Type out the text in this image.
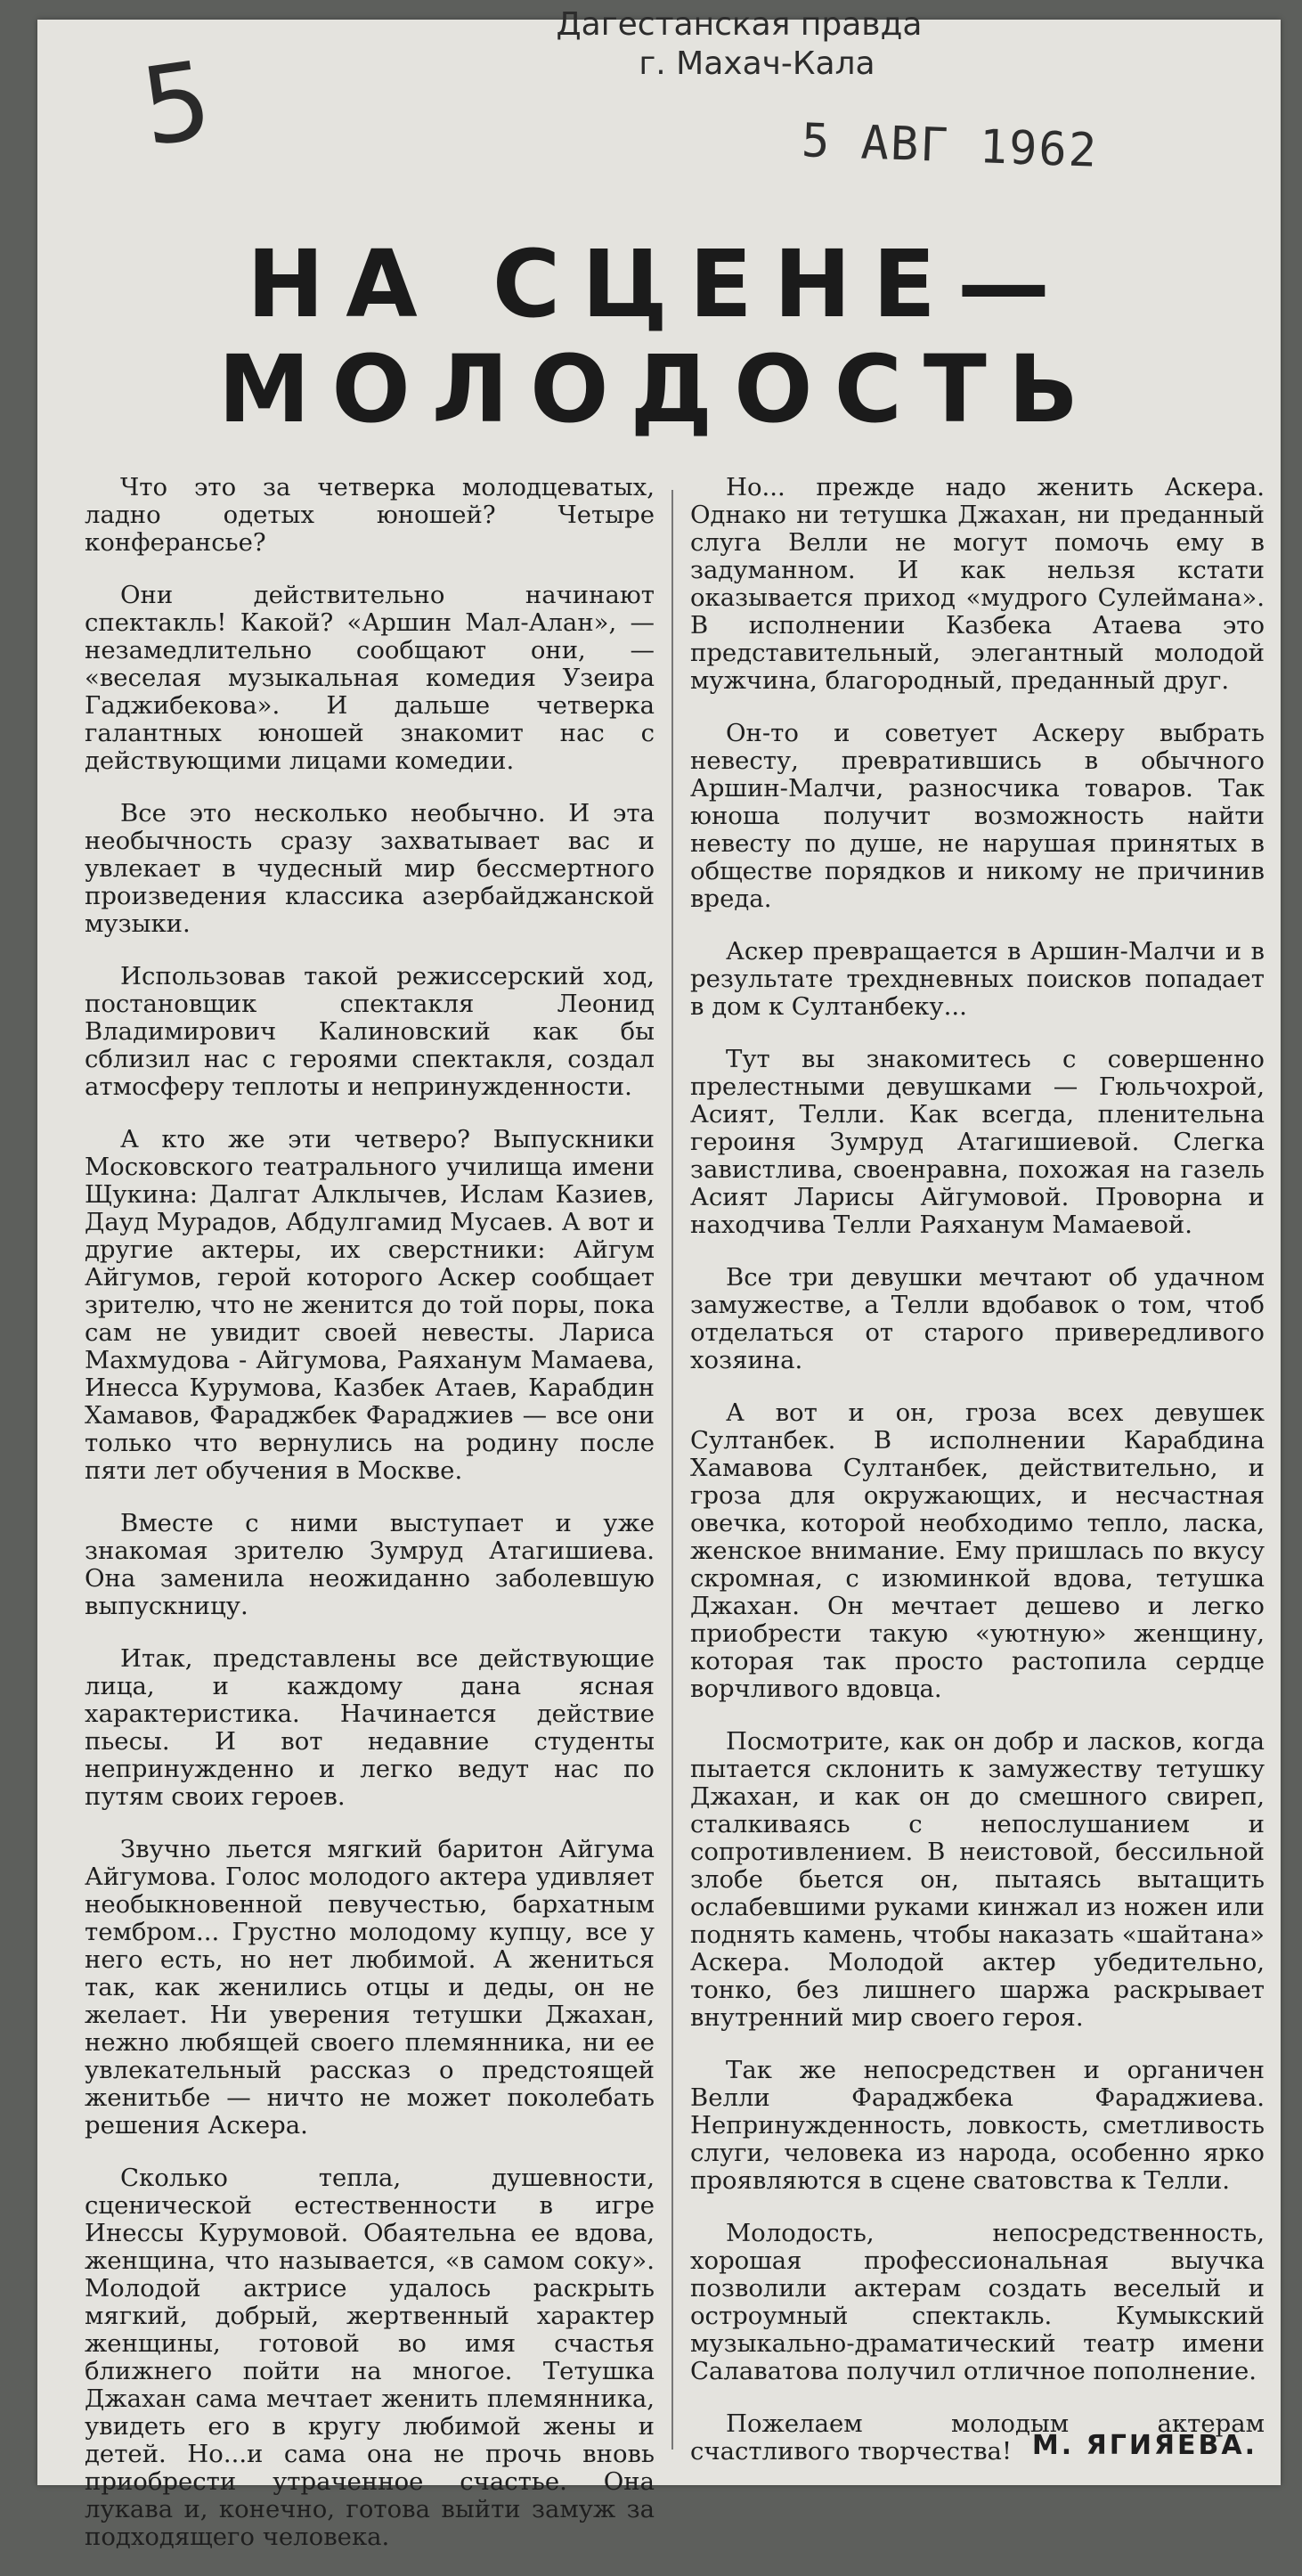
Дагестанская правда
г. Махач-Кала
5	5 АВГ 1962
НА СЦЕНЕ—
МОЛОДОСТЬ

Что это за четверка молодцеватых, ладно одетых юношей? Четыре конферансье?

Они действительно начинают спектакль! Какой? «Аршин Мал-Алан», — незамедлительно сообщают они, — «веселая музыкальная комедия Узеира Гаджибекова». И дальше четверка галантных юношей знакомит нас с действующими лицами комедии.

Все это несколько необычно. И эта необычность сразу захватывает вас и увлекает в чудесный мир бессмертного произведения классика азербайджанской музыки.

Использовав такой режиссерский ход, постановщик спектакля Леонид Владимирович Калиновский как бы сблизил нас с героями спектакля, создал атмосферу теплоты и непринужденности.

А кто же эти четверо? Выпускники Московского театрального училища имени Щукина: Далгат Алклычев, Ислам Казиев, Дауд Мурадов, Абдулгамид Мусаев. А вот и другие актеры, их сверстники: Айгум Айгумов, герой которого Аскер сообщает зрителю, что не женится до той поры, пока сам не увидит своей невесты. Лариса Махмудова - Айгумова, Раяханум Мамаева, Инесса Курумова, Казбек Атаев, Карабдин Хамавов, Фараджбек Фараджиев — все они только что вернулись на родину после пяти лет обучения в Москве.

Вместе с ними выступает и уже знакомая зрителю Зумруд Атагишиева. Она заменила неожиданно заболевшую выпускницу.

Итак, представлены все действующие лица, и каждому дана ясная характеристика. Начинается действие пьесы. И вот недавние студенты непринужденно и легко ведут нас по путям своих героев.

Звучно льется мягкий баритон Айгума Айгумова. Голос молодого актера удивляет необыкновенной певучестью, бархатным тембром... Грустно молодому купцу, все у него есть, но нет любимой. А жениться так, как женились отцы и деды, он не желает. Ни уверения тетушки Джахан, нежно любящей своего племянника, ни ее увлекательный рассказ о предстоящей женитьбе — ничто не может поколебать решения Аскера.

Сколько тепла, душевности, сценической естественности в игре Инессы Курумовой. Обаятельна ее вдова, женщина, что называется, «в самом соку». Молодой актрисе удалось раскрыть мягкий, добрый, жертвенный характер женщины, готовой во имя счастья ближнего пойти на многое. Тетушка Джахан сама мечтает женить племянника, увидеть его в кругу любимой жены и детей. Но...и сама она не прочь вновь приобрести утраченное счастье. Она лукава и, конечно, готова выйти замуж за подходящего человека.

Но... прежде надо женить Аскера. Однако ни тетушка Джахан, ни преданный слуга Велли не могут помочь ему в задуманном. И как нельзя кстати оказывается приход «мудрого Сулеймана». В исполнении Казбека Атаева это представительный, элегантный молодой мужчина, благородный, преданный друг.

Он-то и советует Аскеру выбрать невесту, превратившись в обычного Аршин-Малчи, разносчика товаров. Так юноша получит возможность найти невесту по душе, не нарушая принятых в обществе порядков и никому не причинив вреда.

Аскер превращается в Аршин-Малчи и в результате трехдневных поисков попадает в дом к Султанбеку...

Тут вы знакомитесь с совершенно прелестными девушками — Гюльчохрой, Асият, Телли. Как всегда, пленительна героиня Зумруд Атагишиевой. Слегка завистлива, своенравна, похожая на газель Асият Ларисы Айгумовой. Проворна и находчива Телли Раяханум Мамаевой.

Все три девушки мечтают об удачном замужестве, а Телли вдобавок о том, чтоб отделаться от старого привередливого хозяина.

А вот и он, гроза всех девушек Султанбек. В исполнении Карабдина Хамавова Султанбек, действительно, и гроза для окружающих, и несчастная овечка, которой необходимо тепло, ласка, женское внимание. Ему пришлась по вкусу скромная, с изюминкой вдова, тетушка Джахан. Он мечтает дешево и легко приобрести такую «уютную» женщину, которая так просто растопила сердце ворчливого вдовца.

Посмотрите, как он добр и ласков, когда пытается склонить к замужеству тетушку Джахан, и как он до смешного свиреп, сталкиваясь с непослушанием и сопротивлением. В неистовой, бессильной злобе бьется он, пытаясь вытащить ослабевшими руками кинжал из ножен или поднять камень, чтобы наказать «шайтана» Аскера. Молодой актер убедительно, тонко, без лишнего шаржа раскрывает внутренний мир своего героя.

Так же непосредствен и органичен Велли Фараджбека Фараджиева. Непринужденность, ловкость, сметливость слуги, человека из народа, особенно ярко проявляются в сцене сватовства к Телли.

Молодость, непосредственность, хорошая профессиональная выучка позволили актерам создать веселый и остроумный спектакль. Кумыкский музыкально-драматический театр имени Салаватова получил отличное пополнение.

Пожелаем молодым актерам счастливого творчества! М. ЯГИЯЕВА.
